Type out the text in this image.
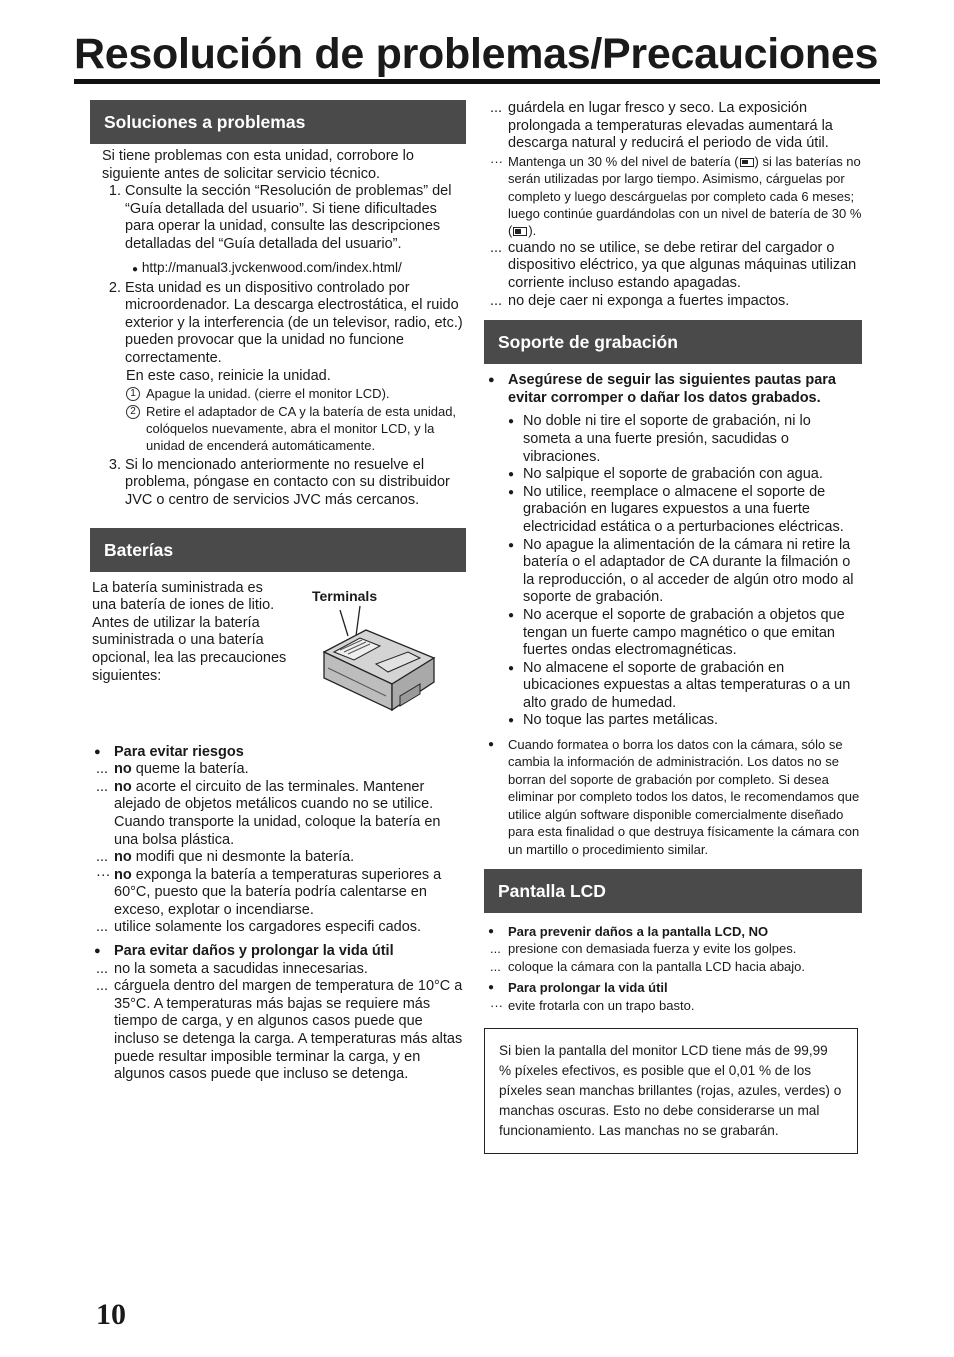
Resolución de problemas/Precauciones
Soluciones a problemas
Si tiene problemas con esta unidad, corrobore lo siguiente antes de solicitar servicio técnico.
1. Consulte la sección “Resolución de problemas” del “Guía detallada del usuario”. Si tiene dificultades para operar la unidad, consulte las descripciones detalladas del “Guía detallada del usuario”.
● http://manual3.jvckenwood.com/index.html/
2. Esta unidad es un dispositivo controlado por microordenador. La descarga electrostática, el ruido exterior y la interferencia (de un televisor, radio, etc.) pueden provocar que la unidad no funcione correctamente.
En este caso, reinicie la unidad.
1 Apague la unidad. (cierre el monitor LCD).
2 Retire el adaptador de CA y la batería de esta unidad, colóquelos nuevamente, abra el monitor LCD, y la unidad de encenderá automáticamente.
3. Si lo mencionado anteriormente no resuelve el problema, póngase en contacto con su distribuidor JVC o centro de servicios JVC más cercanos.
Baterías
La batería suministrada es una batería de iones de litio. Antes de utilizar la batería suministrada o una batería opcional, lea las precauciones siguientes:
Terminals
● Para evitar riesgos
... no queme la batería.
... no acorte el circuito de las terminales. Mantener alejado de objetos metálicos cuando no se utilice. Cuando transporte la unidad, coloque la batería en una bolsa plástica.
... no modifi que ni desmonte la batería.
··· no exponga la batería a temperaturas superiores a 60°C, puesto que la batería podría calentarse en exceso, explotar o incendiarse.
... utilice solamente los cargadores especifi cados.
● Para evitar daños y prolongar la vida útil
... no la someta a sacudidas innecesarias.
... cárguela dentro del margen de temperatura de 10°C a 35°C. A temperaturas más bajas se requiere más tiempo de carga, y en algunos casos puede que incluso se detenga la carga. A temperaturas más altas puede resultar imposible terminar la carga, y en algunos casos puede que incluso se detenga.
... guárdela en lugar fresco y seco. La exposición prolongada a temperaturas elevadas aumentará la descarga natural y reducirá el periodo de vida útil.
··· Mantenga un 30 % del nivel de batería ( ) si las baterías no serán utilizadas por largo tiempo. Asimismo, cárguelas por completo y luego descárguelas por completo cada 6 meses; luego continúe guardándolas con un nivel de batería de 30 % ( ).
... cuando no se utilice, se debe retirar del cargador o dispositivo eléctrico, ya que algunas máquinas utilizan corriente incluso estando apagadas.
... no deje caer ni exponga a fuertes impactos.
Soporte de grabación
● Asegúrese de seguir las siguientes pautas para evitar corromper o dañar los datos grabados.
● No doble ni tire el soporte de grabación, ni lo someta a una fuerte presión, sacudidas o vibraciones.
● No salpique el soporte de grabación con agua.
● No utilice, reemplace o almacene el soporte de grabación en lugares expuestos a una fuerte electricidad estática o a perturbaciones eléctricas.
● No apague la alimentación de la cámara ni retire la batería o el adaptador de CA durante la filmación o la reproducción, o al acceder de algún otro modo al soporte de grabación.
● No acerque el soporte de grabación a objetos que tengan un fuerte campo magnético o que emitan fuertes ondas electromagnéticas.
● No almacene el soporte de grabación en ubicaciones expuestas a altas temperaturas o a un alto grado de humedad.
● No toque las partes metálicas.
●	Cuando formatea o borra los datos con la cámara, sólo se cambia la información de administración. Los datos no se borran del soporte de grabación por completo. Si desea eliminar por completo todos los datos, le recomendamos que utilice algún software disponible comercialmente diseñado para esta finalidad o que destruya físicamente la cámara con un martillo o procedimiento similar.
Pantalla LCD
●	Para prevenir daños a la pantalla LCD, NO
... presione con demasiada fuerza y evite los golpes.
... coloque la cámara con la pantalla LCD hacia abajo.
●	Para prolongar la vida útil
··· evite frotarla con un trapo basto.
Si bien la pantalla del monitor LCD tiene más de 99,99 % píxeles efectivos, es posible que el 0,01 % de los píxeles sean manchas brillantes (rojas, azules, verdes) o manchas oscuras. Esto no debe considerarse un mal funcionamiento. Las manchas no se grabarán.
10
